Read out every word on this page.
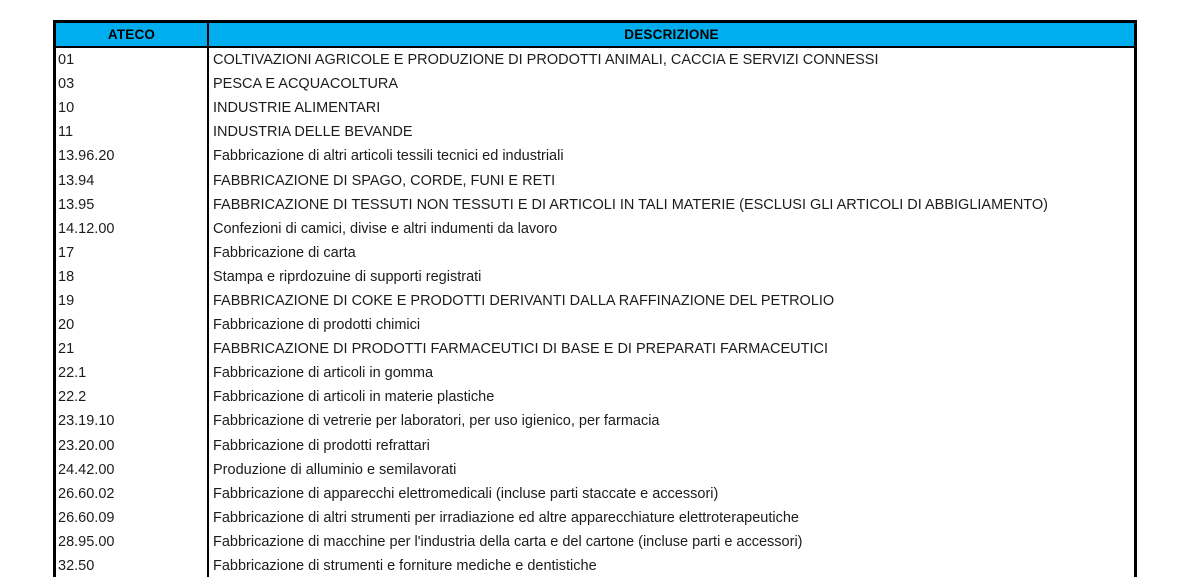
ATECO	DESCRIZIONE
01	COLTIVAZIONI AGRICOLE E PRODUZIONE DI PRODOTTI ANIMALI, CACCIA E SERVIZI CONNESSI
03	PESCA E ACQUACOLTURA
10	INDUSTRIE ALIMENTARI
11	INDUSTRIA DELLE BEVANDE
13.96.20	Fabbricazione di altri articoli tessili tecnici ed industriali
13.94	FABBRICAZIONE DI SPAGO, CORDE, FUNI E RETI
13.95	FABBRICAZIONE DI TESSUTI NON TESSUTI E DI ARTICOLI IN TALI MATERIE (ESCLUSI GLI ARTICOLI DI ABBIGLIAMENTO)
14.12.00	Confezioni di camici, divise e altri indumenti da lavoro
17	Fabbricazione di carta
18	Stampa e riprdozuine di supporti registrati
19	FABBRICAZIONE DI COKE E PRODOTTI DERIVANTI DALLA RAFFINAZIONE DEL PETROLIO
20	Fabbricazione di prodotti chimici
21	FABBRICAZIONE DI PRODOTTI FARMACEUTICI DI BASE E DI PREPARATI FARMACEUTICI
22.1	Fabbricazione di articoli in gomma
22.2	Fabbricazione di articoli in materie plastiche
23.19.10	Fabbricazione di vetrerie per laboratori, per uso igienico, per farmacia
23.20.00	Fabbricazione di prodotti refrattari
24.42.00	Produzione di alluminio e semilavorati
26.60.02	Fabbricazione di apparecchi elettromedicali (incluse parti staccate e accessori)
26.60.09	Fabbricazione di altri strumenti per irradiazione ed altre apparecchiature elettroterapeutiche
28.95.00	Fabbricazione di macchine per l'industria della carta e del cartone (incluse parti e accessori)
32.50	Fabbricazione di strumenti e forniture mediche e dentistiche
